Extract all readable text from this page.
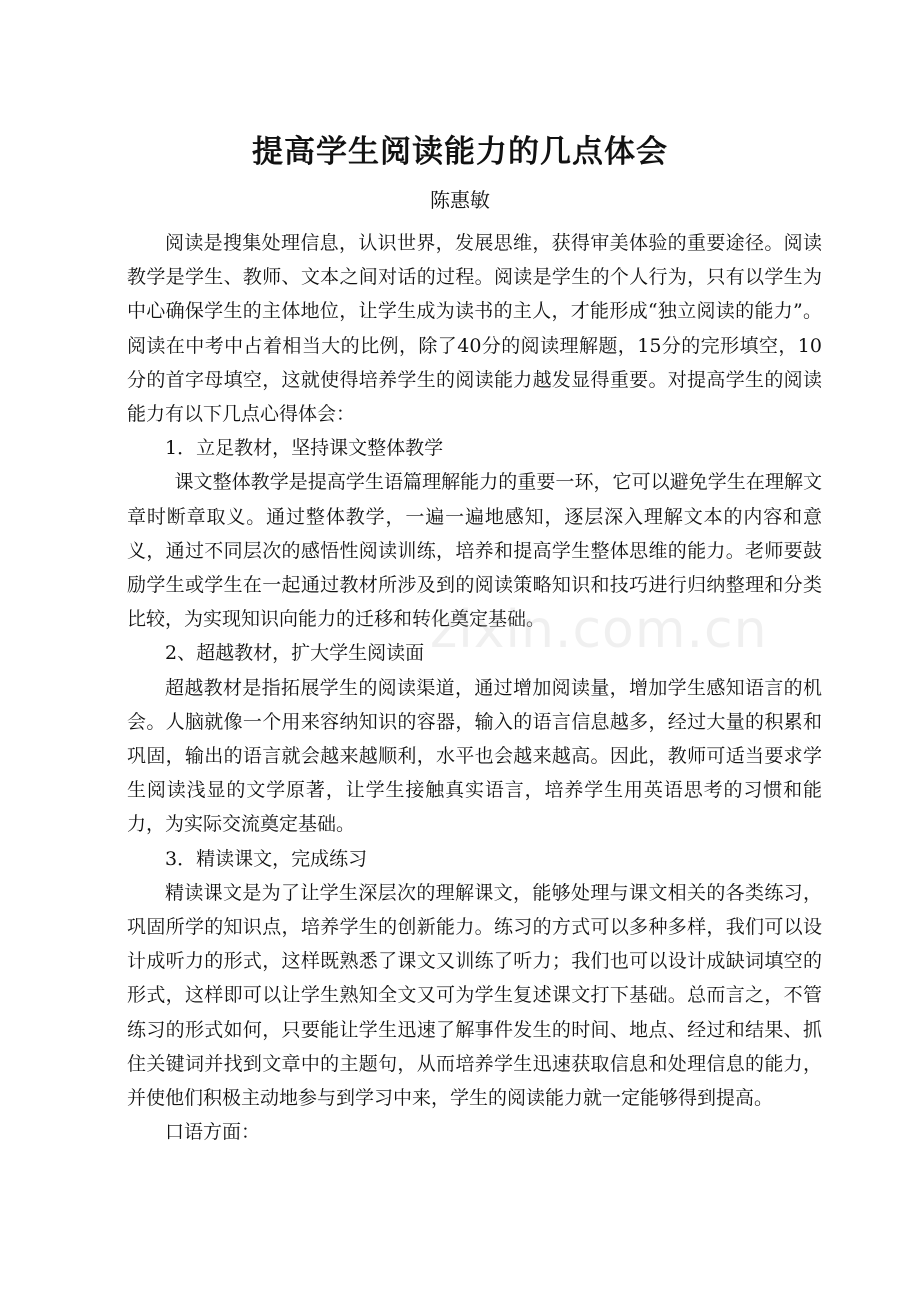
提高学生阅读能力的几点体会
陈惠敏

阅读是搜集处理信息，认识世界，发展思维，获得审美体验的重要途径。阅读教学是学生、教师、文本之间对话的过程。阅读是学生的个人行为，只有以学生为中心确保学生的主体地位，让学生成为读书的主人，才能形成“独立阅读的能力”。阅读在中考中占着相当大的比例，除了40分的阅读理解题，15分的完形填空，10分的首字母填空，这就使得培养学生的阅读能力越发显得重要。对提高学生的阅读能力有以下几点心得体会：

1．立足教材，坚持课文整体教学

课文整体教学是提高学生语篇理解能力的重要一环，它可以避免学生在理解文章时断章取义。通过整体教学，一遍一遍地感知，逐层深入理解文本的内容和意义，通过不同层次的感悟性阅读训练，培养和提高学生整体思维的能力。老师要鼓励学生或学生在一起通过教材所涉及到的阅读策略知识和技巧进行归纳整理和分类比较，为实现知识向能力的迁移和转化奠定基础。

2、超越教材，扩大学生阅读面

超越教材是指拓展学生的阅读渠道，通过增加阅读量，增加学生感知语言的机会。人脑就像一个用来容纳知识的容器，输入的语言信息越多，经过大量的积累和巩固，输出的语言就会越来越顺利，水平也会越来越高。因此，教师可适当要求学生阅读浅显的文学原著，让学生接触真实语言，培养学生用英语思考的习惯和能力，为实际交流奠定基础。

3．精读课文，完成练习

精读课文是为了让学生深层次的理解课文，能够处理与课文相关的各类练习，巩固所学的知识点，培养学生的创新能力。练习的方式可以多种多样，我们可以设计成听力的形式，这样既熟悉了课文又训练了听力；我们也可以设计成缺词填空的形式，这样即可以让学生熟知全文又可为学生复述课文打下基础。总而言之，不管练习的形式如何，只要能让学生迅速了解事件发生的时间、地点、经过和结果、抓住关键词并找到文章中的主题句，从而培养学生迅速获取信息和处理信息的能力，并使他们积极主动地参与到学习中来，学生的阅读能力就一定能够得到提高。

口语方面：

zixin.com.cn
